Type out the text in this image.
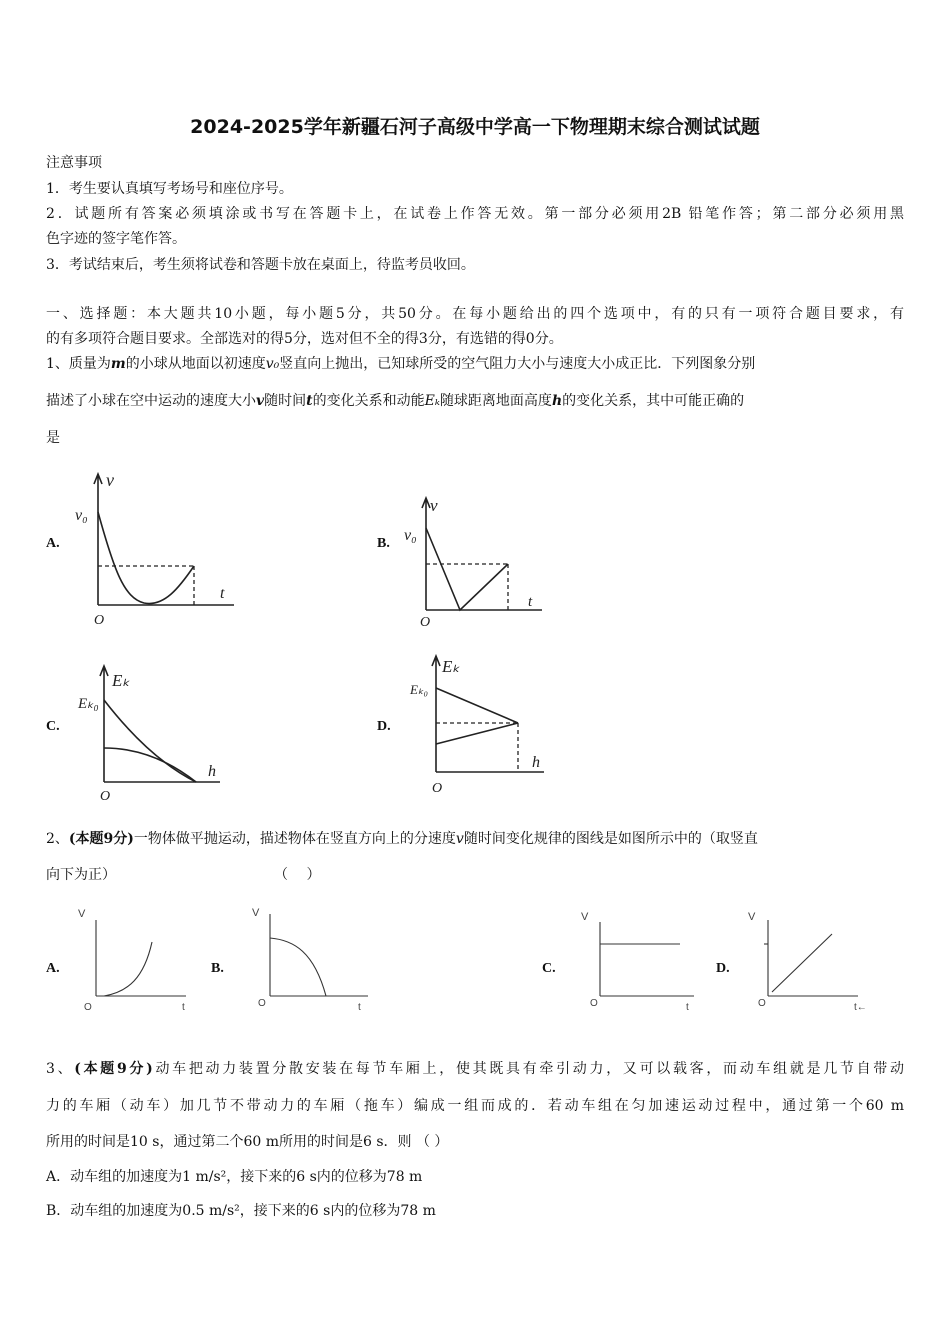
2024-2025学年新疆石河子高级中学高一下物理期末综合测试试题
注意事项
1．考生要认真填写考场号和座位序号。
2．试题所有答案必须填涂或书写在答题卡上，在试卷上作答无效。第一部分必须用2B 铅笔作答；第二部分必须用黑
色字迹的签字笔作答。
3．考试结束后，考生须将试卷和答题卡放在桌面上，待监考员收回。
一、选择题：本大题共10小题，每小题5分，共50分。在每小题给出的四个选项中，有的只有一项符合题目要求，有
的有多项符合题目要求。全部选对的得5分，选对但不全的得3分，有选错的得0分。
1、质量为m的小球从地面以初速度v₀竖直向上抛出，已知球所受的空气阻力大小与速度大小成正比．下列图象分别
描述了小球在空中运动的速度大小v随时间t的变化关系和动能Eₖ随球距离地面高度h的变化关系，其中可能正确的
是
A.	B.
C.	D.
v
v₀
t
O
v
v₀
t
O
Eₖ
Eₖ₀
h
O
Eₖ
Eₖ₀
h
O
2、(本题9分)一物体做平抛运动，描述物体在竖直方向上的分速度v随时间变化规律的图线是如图所示中的（取竖直
向下为正）	（　 ）
A.	B.	C.	D.
V
O	t
V
O	t
V
O	t
V
O	t←
3、(本题9分)动车把动力装置分散安装在每节车厢上，使其既具有牵引动力，又可以载客，而动车组就是几节自带动
力的车厢（动车）加几节不带动力的车厢（拖车）编成一组而成的．若动车组在匀加速运动过程中，通过第一个60 m
所用的时间是10 s，通过第二个60 m所用的时间是6 s．则 （ ）
A．动车组的加速度为1 m/s²，接下来的6 s内的位移为78 m
B．动车组的加速度为0.5 m/s²，接下来的6 s内的位移为78 m
